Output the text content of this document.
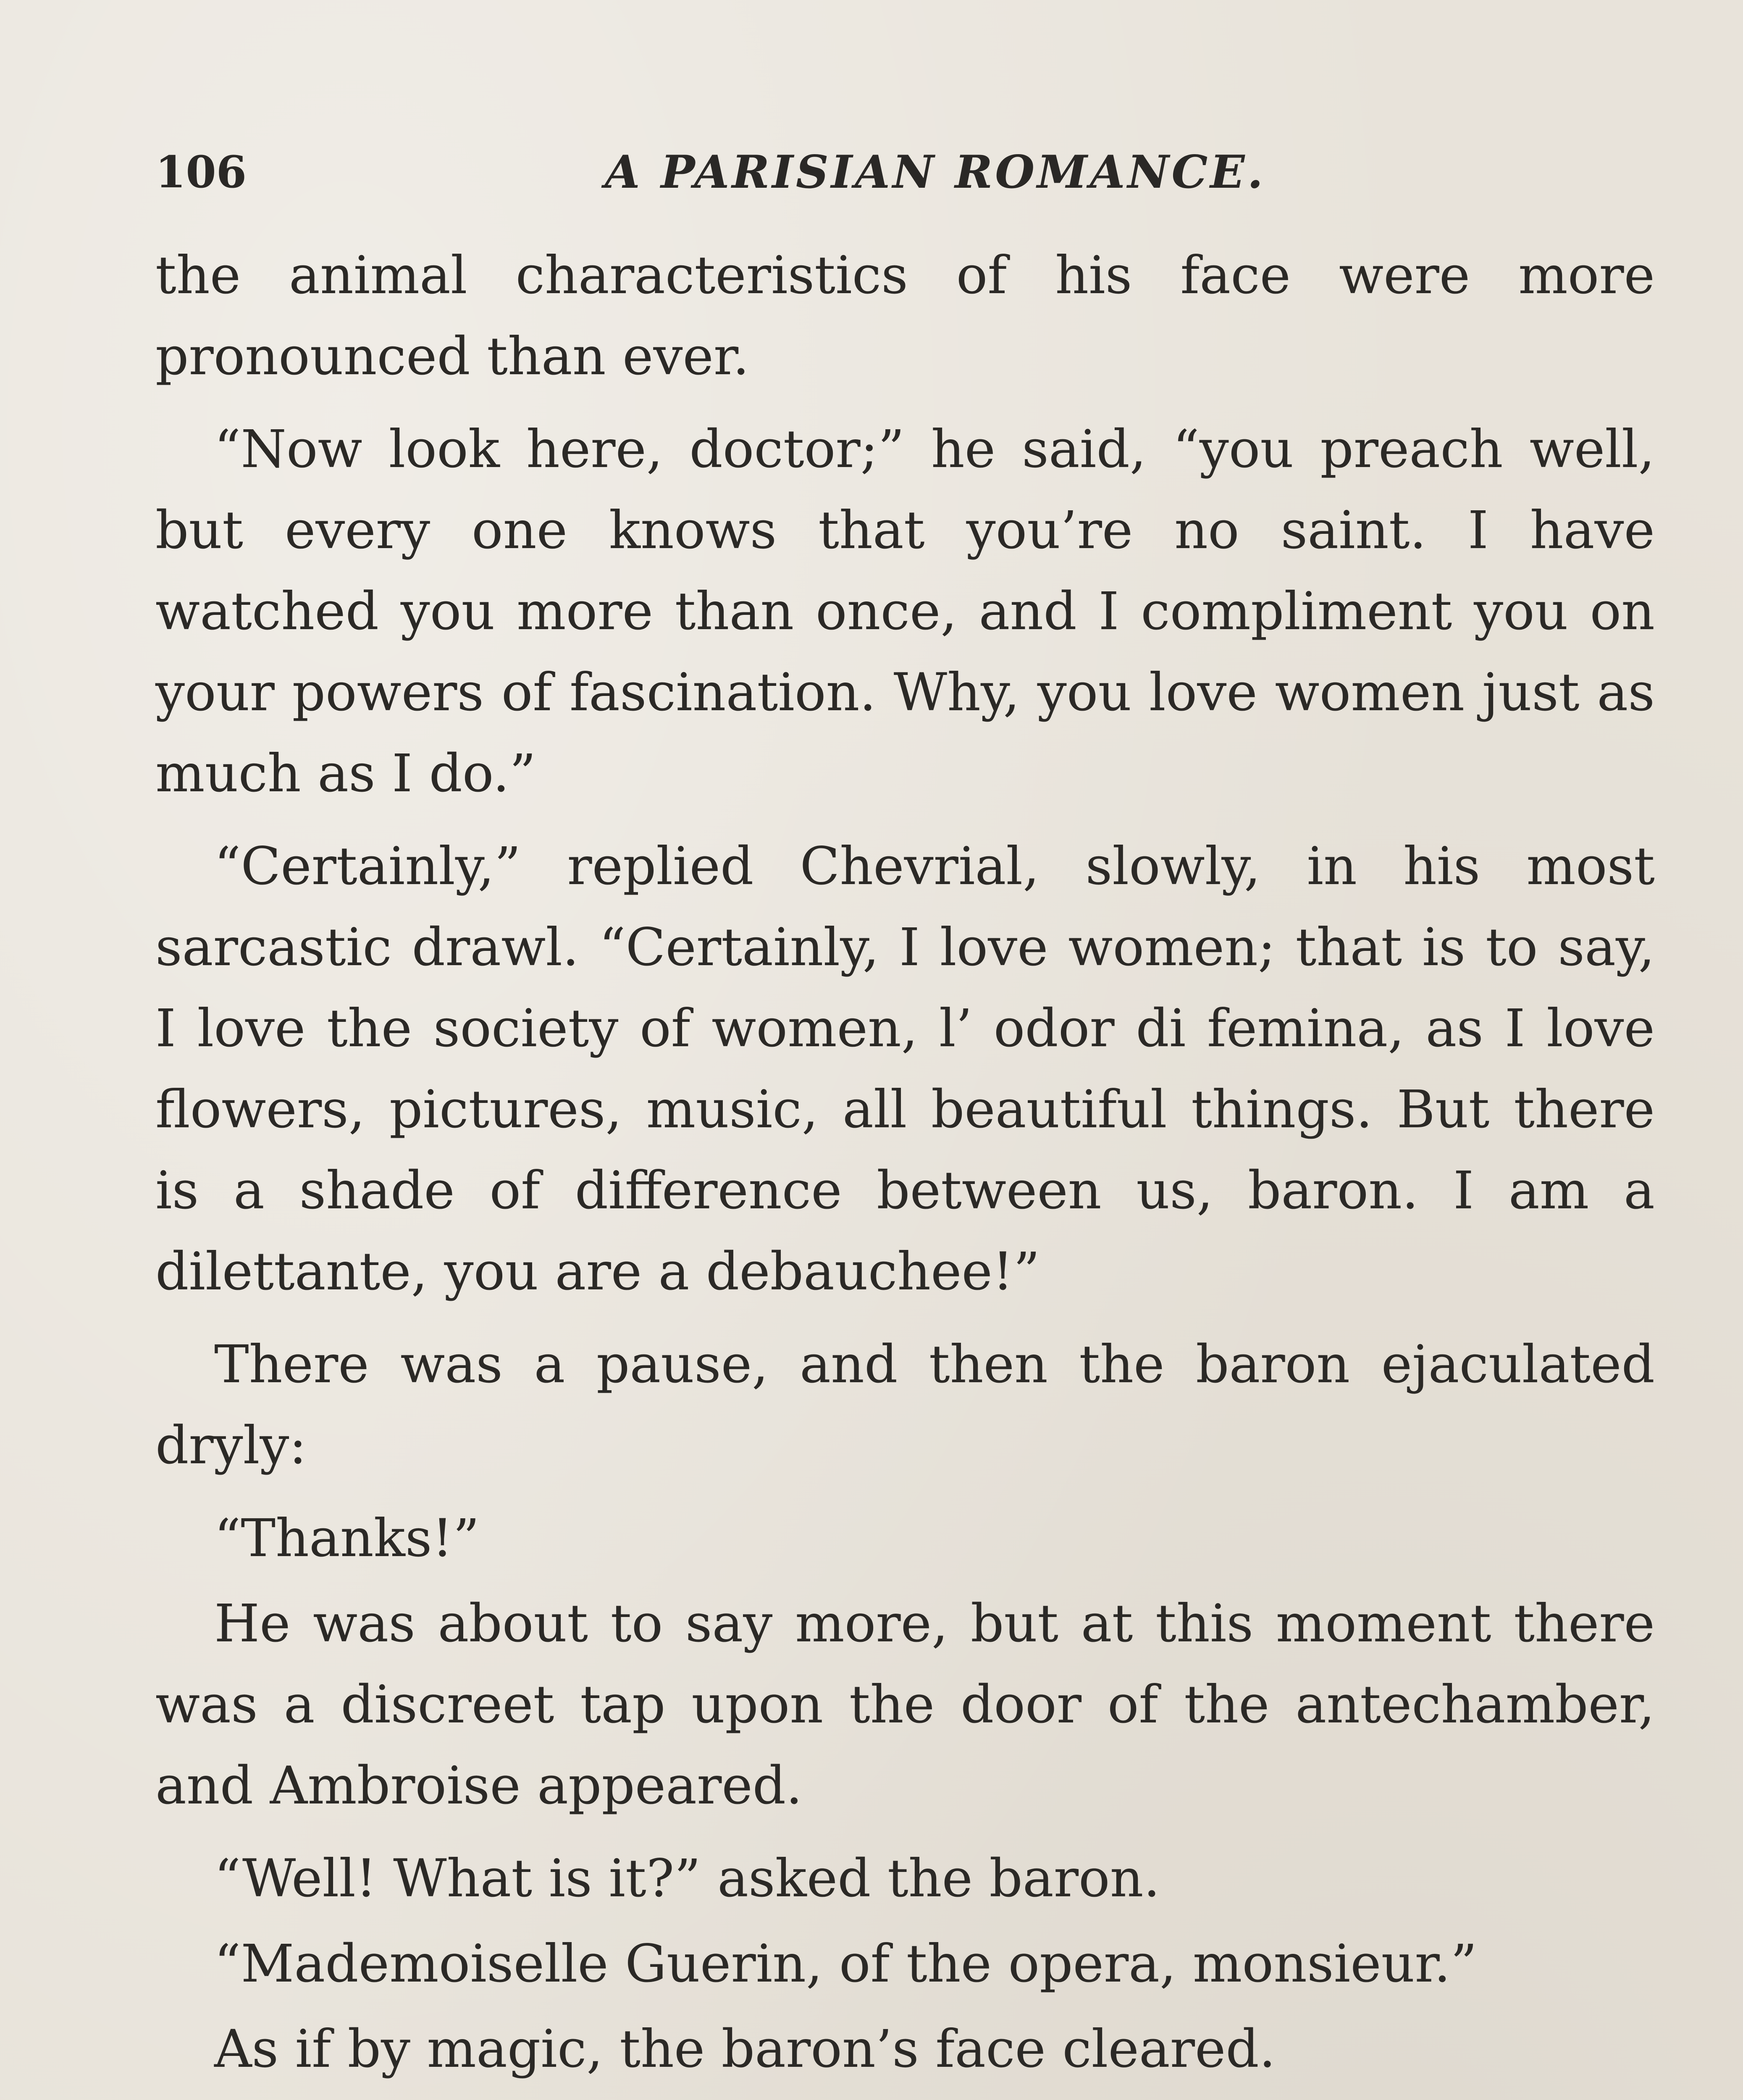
106	A PARISIAN ROMANCE.

the animal characteristics of his face were more pronounced than ever.

“Now look here, doctor;” he said, “you preach well, but every one knows that you’re no saint. I have watched you more than once, and I compliment you on your powers of fascination. Why, you love women just as much as I do.”

“Certainly,” replied Chevrial, slowly, in his most sarcastic drawl. “Certainly, I love women; that is to say, I love the society of women, l’ odor di femina, as I love flowers, pictures, music, all beautiful things. But there is a shade of difference between us, baron. I am a dilettante, you are a debauchee!”

There was a pause, and then the baron ejaculated dryly:

“Thanks!”

He was about to say more, but at this moment there was a discreet tap upon the door of the antechamber, and Ambroise appeared.

“Well! What is it?” asked the baron.

“Mademoiselle Guerin, of the opera, monsieur.”

As if by magic, the baron’s face cleared.
